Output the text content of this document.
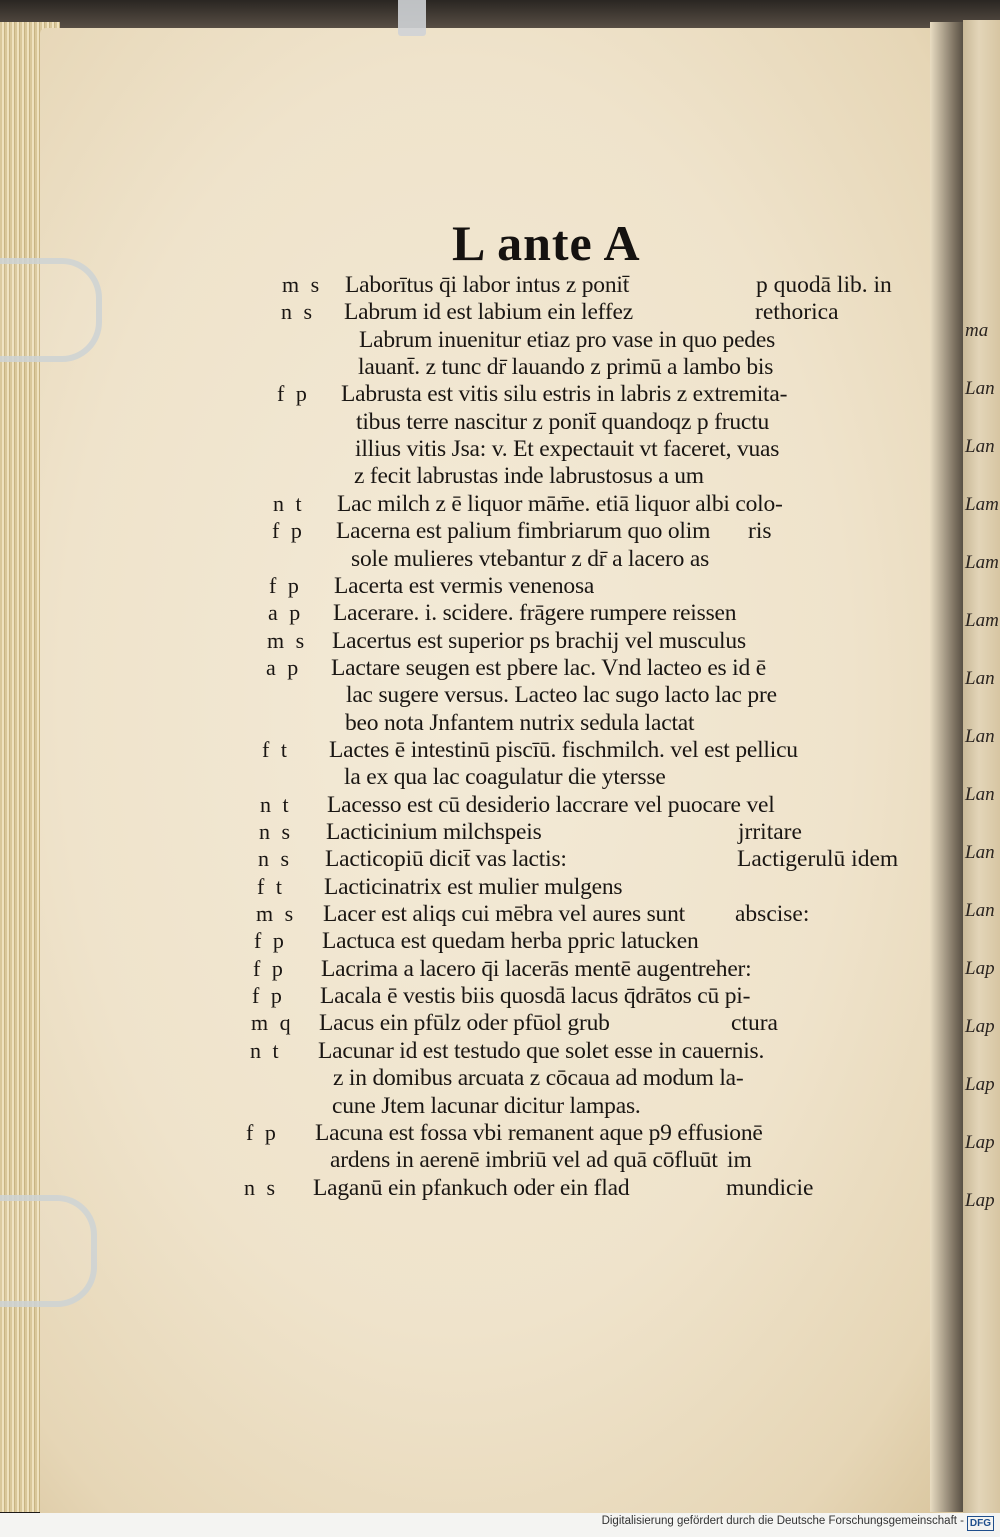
ma
Lan
Lan
Lam
Lam
Lam
Lan
Lan
Lan
Lan
Lan
Lap
Lap
Lap
Lap
Lap
L ante A
m s Laborītus q̄i labor intus z ponit̄	p quodā lib. in
n s Labrum id est labium ein leffez	rethorica
Labrum inuenitur etiaz pro vase in quo pedes
lauant̄. z tunc dr̄ lauando z primū a lambo bis
f p Labrusta est vitis silu estris in labris z extremita-
tibus terre nascitur z ponit̄ quandoqz p fructu
illius vitis Jsa: v. Et expectauit vt faceret, vuas
z fecit labrustas inde labrustosus a um
n t Lac milch z ē liquor mām̄e. etiā liquor albi colo-
f p Lacerna est palium fimbriarum quo olim ris
sole mulieres vtebantur z dr̄ a lacero as
f p Lacerta est vermis venenosa
a p Lacerare. i. scidere. frāgere rumpere reissen
m s Lacertus est superior ps brachij vel musculus
a p Lactare seugen est pbere lac. Vnd lacteo es id ē
lac sugere versus. Lacteo lac sugo lacto lac pre
beo nota Jnfantem nutrix sedula lactat
f t Lactes ē intestinū piscīū. fischmilch. vel est pellicu
la ex qua lac coagulatur die ytersse
n t Lacesso est cū desiderio laccrare vel puocare vel
n s Lacticinium milchspeis	jrritare
n s Lacticopiū dicit̄ vas lactis:	Lactigerulū idem
f t Lacticinatrix est mulier mulgens
m s Lacer est aliqs cui mēbra vel aures sunt abscise:
f p Lactuca est quedam herba ppric latucken
f p Lacrima a lacero q̄i lacerās mentē augentreher:
f p Lacala ē vestis biis quosdā lacus q̄drātos cū pi-
m q Lacus ein pfūlz oder pfūol grub	ctura
n t Lacunar id est testudo que solet esse in cauernis.
z in domibus arcuata z cōcaua ad modum la-
cune Jtem lacunar dicitur lampas.
f p Lacuna est fossa vbi remanent aque p9 effusionē
ardens in aerenē imbriū vel ad quā cōfluūt im
n s Laganū ein pfankuch oder ein flad	mundicie
Digitalisierung gefördert durch die Deutsche Forschungsgemeinschaft - DFG
